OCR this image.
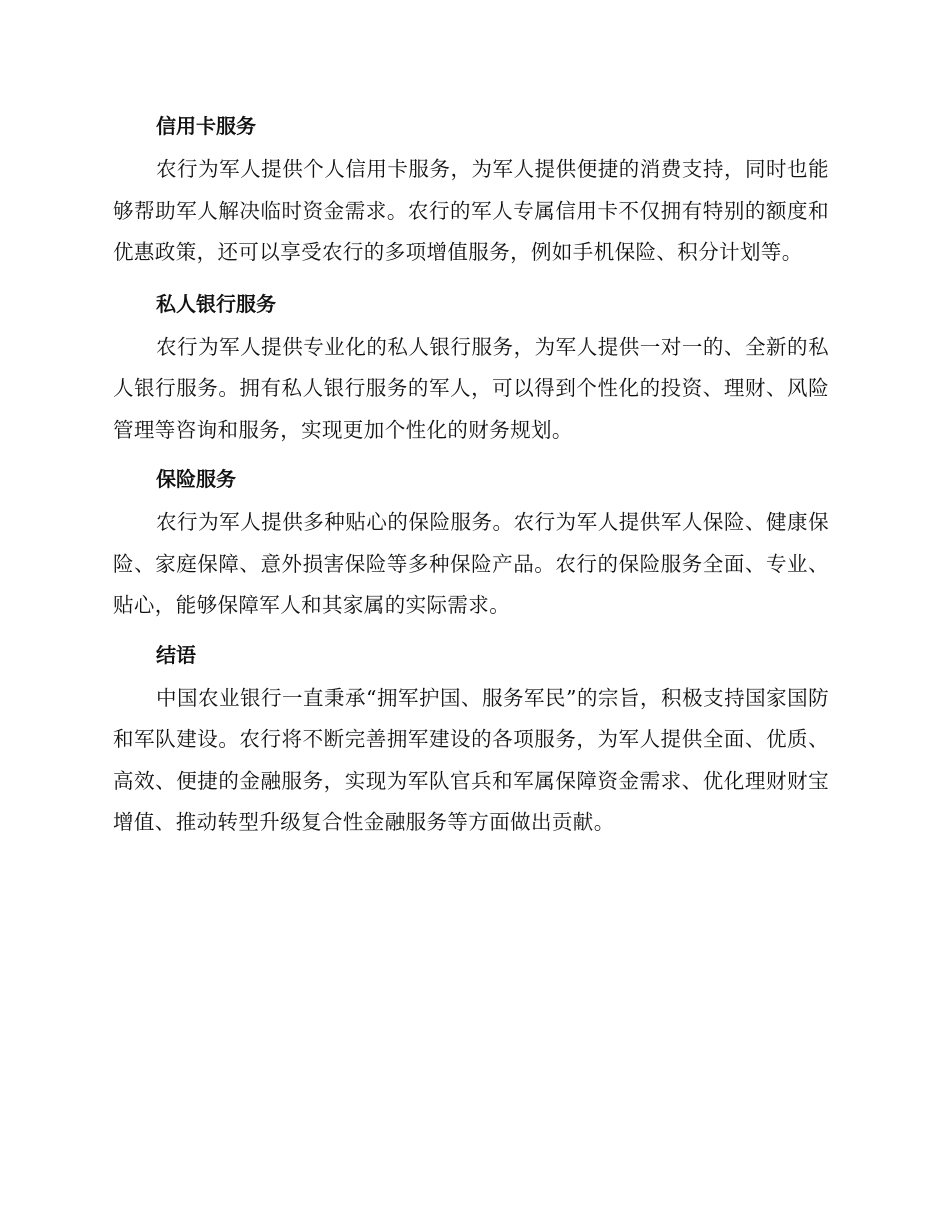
信用卡服务

农行为军人提供个人信用卡服务，为军人提供便捷的消费支持，同时也能够帮助军人解决临时资金需求。农行的军人专属信用卡不仅拥有特别的额度和优惠政策，还可以享受农行的多项增值服务，例如手机保险、积分计划等。

私人银行服务

农行为军人提供专业化的私人银行服务，为军人提供一对一的、全新的私人银行服务。拥有私人银行服务的军人，可以得到个性化的投资、理财、风险管理等咨询和服务，实现更加个性化的财务规划。

保险服务

农行为军人提供多种贴心的保险服务。农行为军人提供军人保险、健康保险、家庭保障、意外损害保险等多种保险产品。农行的保险服务全面、专业、贴心，能够保障军人和其家属的实际需求。

结语

中国农业银行一直秉承“拥军护国、服务军民”的宗旨，积极支持国家国防和军队建设。农行将不断完善拥军建设的各项服务，为军人提供全面、优质、高效、便捷的金融服务，实现为军队官兵和军属保障资金需求、优化理财财宝增值、推动转型升级复合性金融服务等方面做出贡献。
